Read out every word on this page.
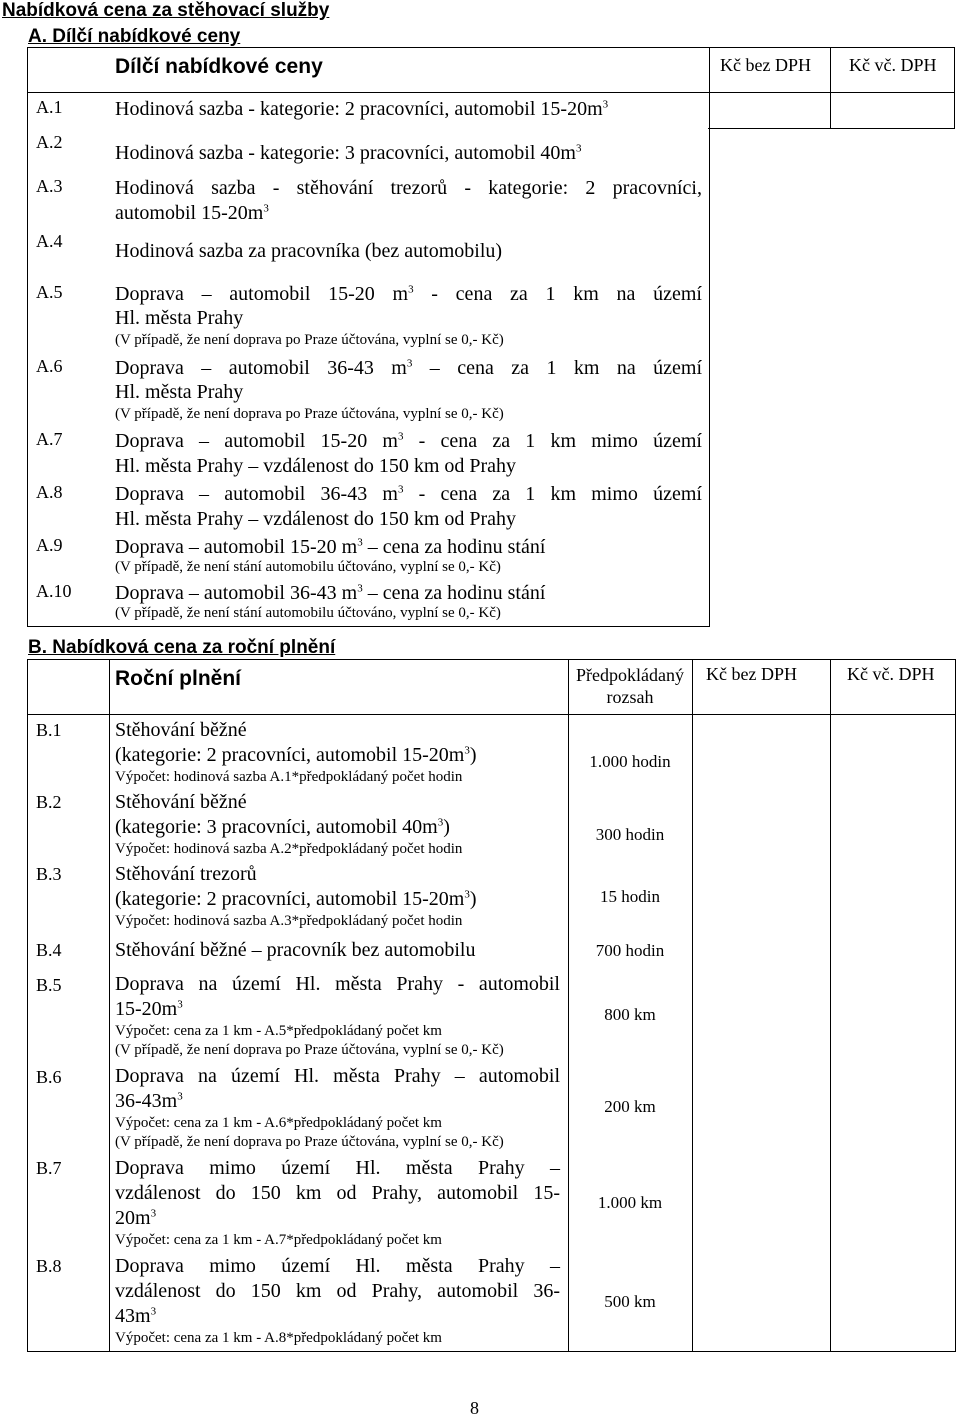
Nabídková cena za stěhovací služby
A. Dílčí nabídkové ceny
Dílčí nabídkové ceny	Kč bez DPH Kč vč. DPH
A.1	Hodinová sazba - kategorie: 2 pracovníci, automobil $15-20m^3$
A.2	Hodinová sazba - kategorie: 3 pracovníci, automobil $40m^3$
A.3	Hodinová sazba - stěhování trezorů - kategorie: 2 pracovníci,
automobil $15-20m^3$
A.4	Hodinová sazba za pracovníka (bez automobilu)
A.5	Doprava – automobil 15-20 $m^3$ - cena za 1 km na území
Hl. města Prahy
(V případě, že není doprava po Praze účtována, vyplní se 0,- Kč)
A.6	Doprava – automobil 36-43 $m^3$ – cena za 1 km na území
Hl. města Prahy
(V případě, že není doprava po Praze účtována, vyplní se 0,- Kč)
A.7	Doprava – automobil 15-20 $m^3$ - cena za 1 km mimo území
Hl. města Prahy – vzdálenost do 150 km od Prahy
A.8	Doprava – automobil 36-43 $m^3$ - cena za 1 km mimo území
Hl. města Prahy – vzdálenost do 150 km od Prahy
A.9	Doprava – automobil 15-20 $m^3$ – cena za hodinu stání
(V případě, že není stání automobilu účtováno, vyplní se 0,- Kč)
A.10 Doprava – automobil 36-43 $m^3$ – cena za hodinu stání
(V případě, že není stání automobilu účtováno, vyplní se 0,- Kč)
B. Nabídková cena za roční plnění
Roční plnění	Předpokládaný rozsah
Kč bez DPH	Kč vč. DPH
B.1	Stěhování běžné
(kategorie: 2 pracovníci, automobil $15-20m^3$)
Výpočet: hodinová sazba A.1*předpokládaný počet hodin
1.000 hodin
B.2	Stěhování běžné
(kategorie: 3 pracovníci, automobil $40m^3$)
Výpočet: hodinová sazba A.2*předpokládaný počet hodin
300 hodin
B.3	Stěhování trezorů
(kategorie: 2 pracovníci, automobil $15-20m^3$)
Výpočet: hodinová sazba A.3*předpokládaný počet hodin
15 hodin
B.4	Stěhování běžné – pracovník bez automobilu	700 hodin
B.5	Doprava na území Hl. města Prahy - automobil
$15-20m^3$
Výpočet: cena za 1 km - A.5*předpokládaný počet km
(V případě, že není doprava po Praze účtována, vyplní se 0,- Kč)
800 km
B.6	Doprava na území Hl. města Prahy – automobil
$36-43m^3$
Výpočet: cena za 1 km - A.6*předpokládaný počet km
(V případě, že není doprava po Praze účtována, vyplní se 0,- Kč)
200 km
B.7	Doprava mimo území Hl. města Prahy –
vzdálenost do 150 km od Prahy, automobil 15-
$20m^3$
Výpočet: cena za 1 km - A.7*předpokládaný počet km
1.000 km
B.8	Doprava mimo území Hl. města Prahy –
vzdálenost do 150 km od Prahy, automobil 36-
$43m^3$
Výpočet: cena za 1 km - A.8*předpokládaný počet km
500 km
8
